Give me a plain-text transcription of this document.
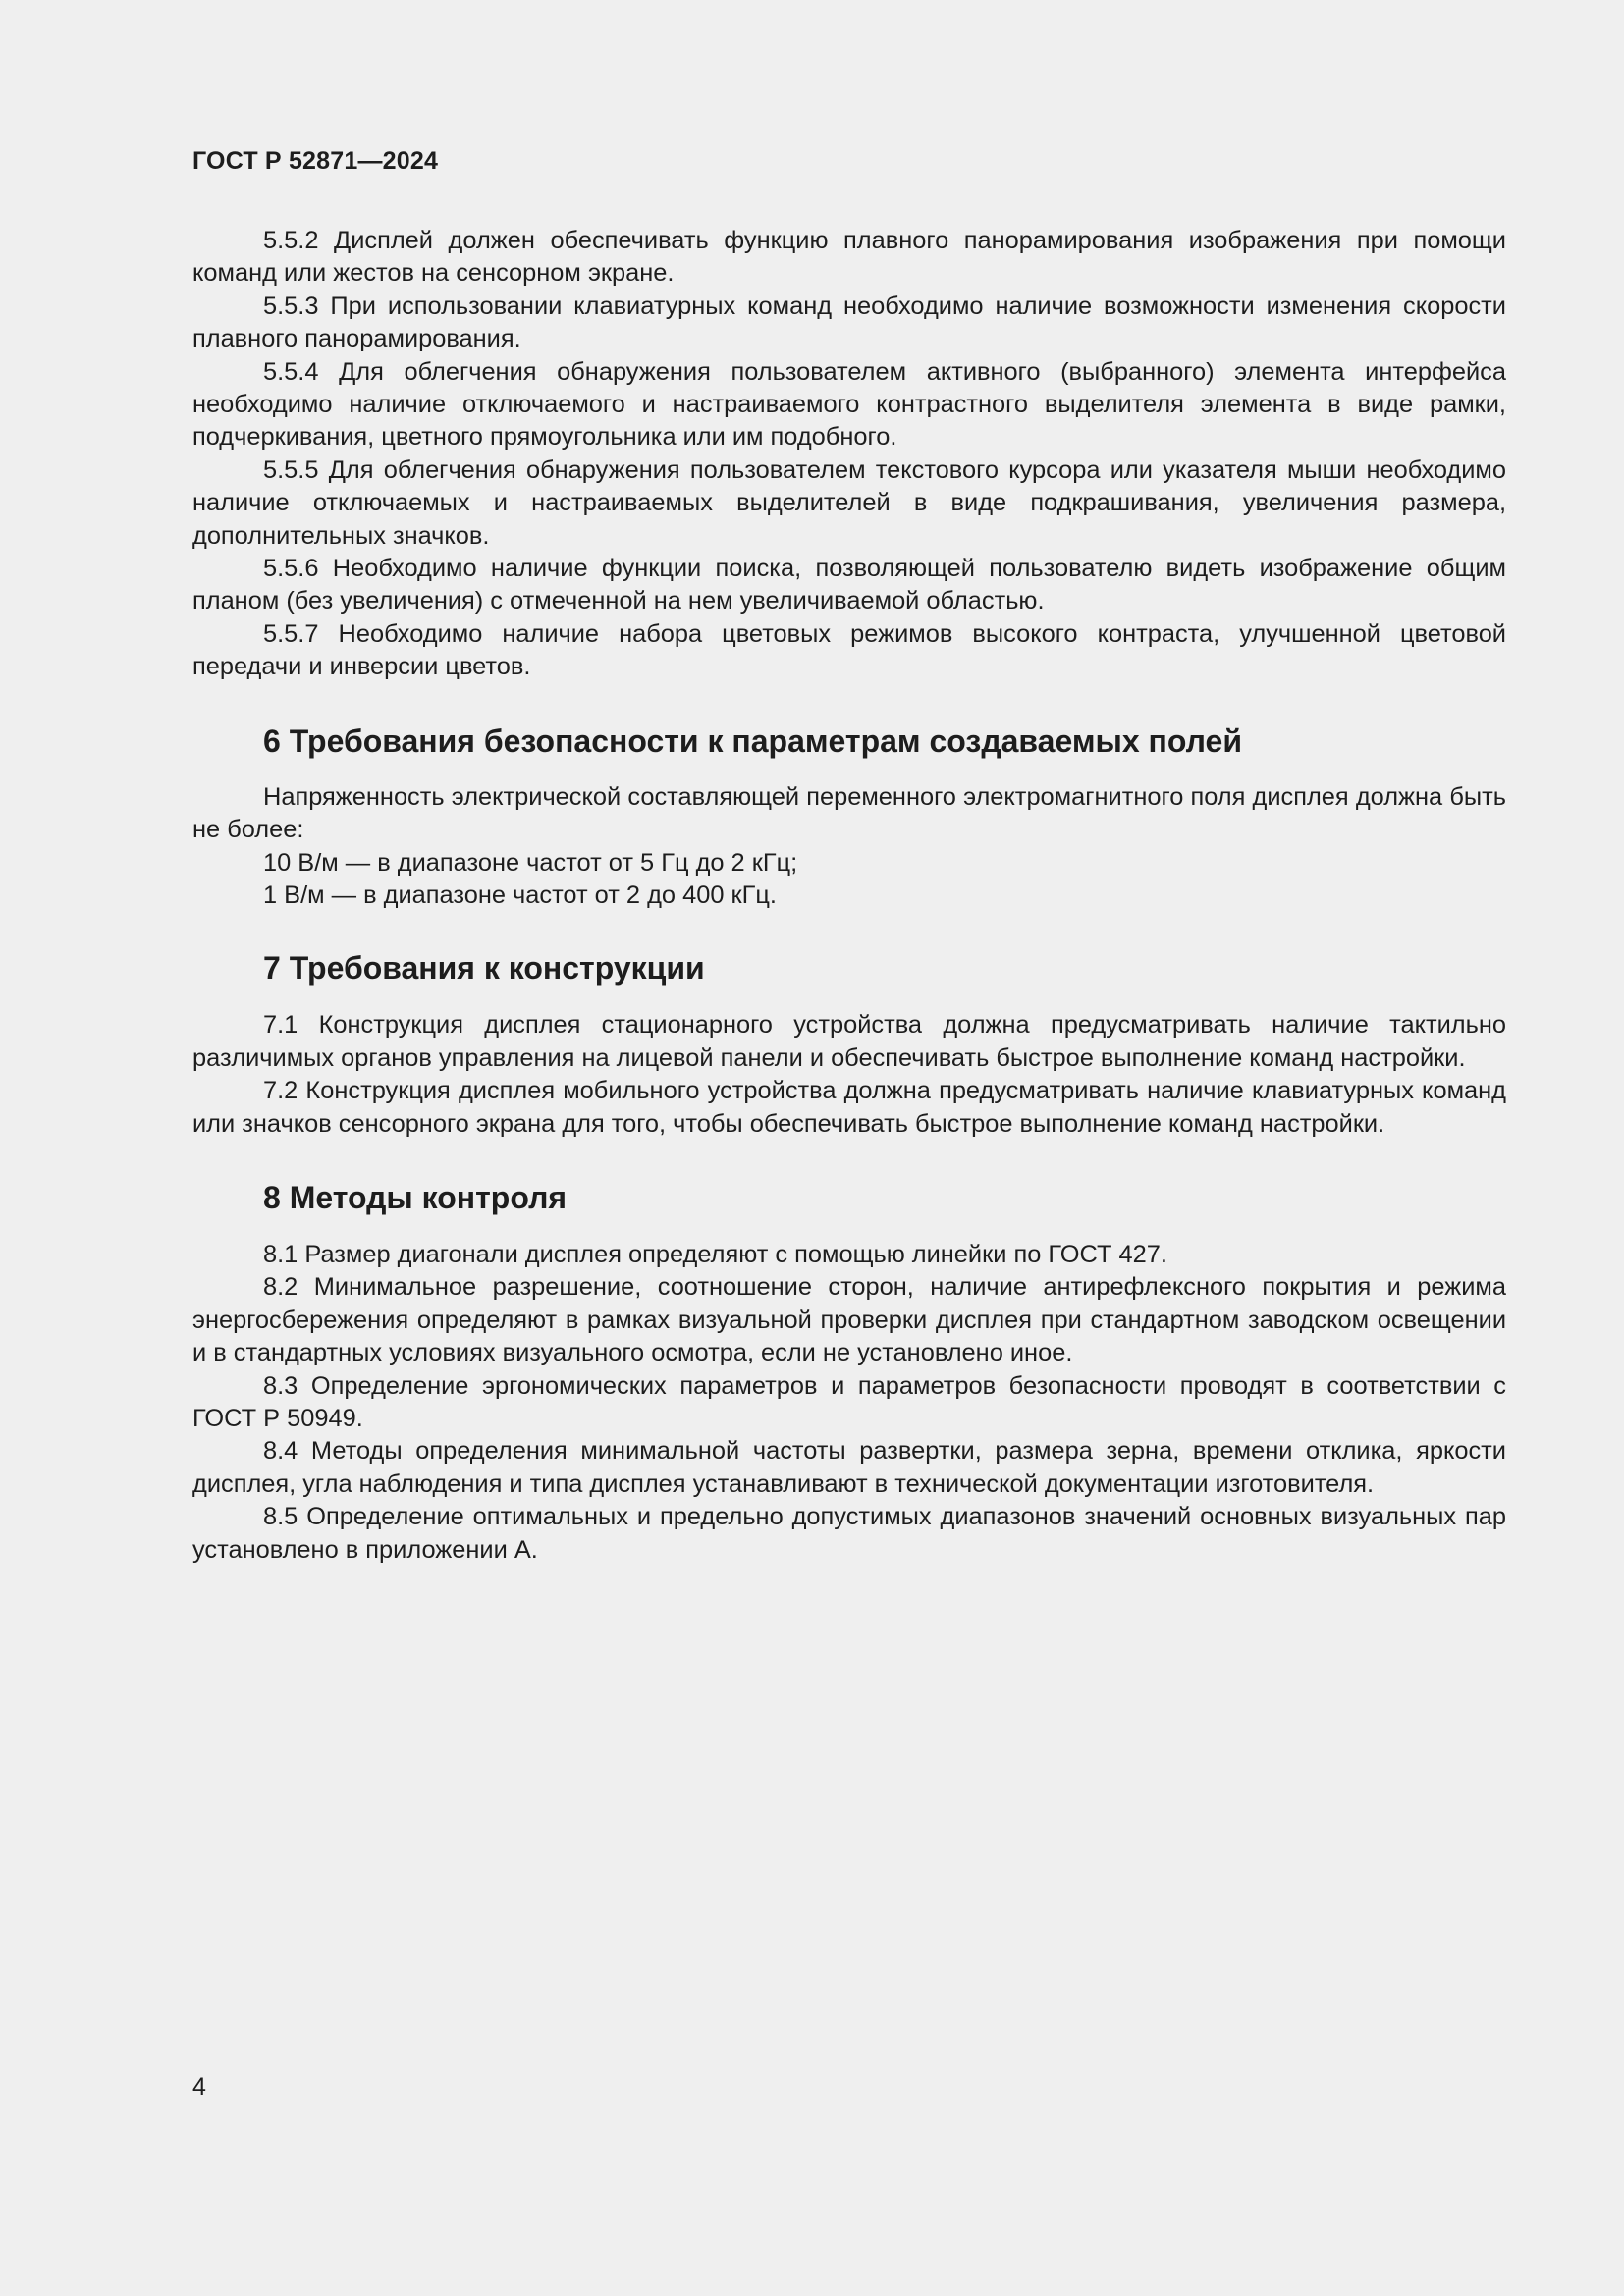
ГОСТ Р 52871—2024

5.5.2 Дисплей должен обеспечивать функцию плавного панорамирования изображения при помощи команд или жестов на сенсорном экране.

5.5.3 При использовании клавиатурных команд необходимо наличие возможности изменения скорости плавного панорамирования.

5.5.4 Для облегчения обнаружения пользователем активного (выбранного) элемента интерфейса необходимо наличие отключаемого и настраиваемого контрастного выделителя элемента в виде рамки, подчеркивания, цветного прямоугольника или им подобного.

5.5.5 Для облегчения обнаружения пользователем текстового курсора или указателя мыши необходимо наличие отключаемых и настраиваемых выделителей в виде подкрашивания, увеличения размера, дополнительных значков.

5.5.6 Необходимо наличие функции поиска, позволяющей пользователю видеть изображение общим планом (без увеличения) с отмеченной на нем увеличиваемой областью.

5.5.7 Необходимо наличие набора цветовых режимов высокого контраста, улучшенной цветовой передачи и инверсии цветов.

6 Требования безопасности к параметрам создаваемых полей

Напряженность электрической составляющей переменного электромагнитного поля дисплея должна быть не более:

10 В/м — в диапазоне частот от 5 Гц до 2 кГц;

1 В/м — в диапазоне частот от 2 до 400 кГц.

7 Требования к конструкции

7.1 Конструкция дисплея стационарного устройства должна предусматривать наличие тактильно различимых органов управления на лицевой панели и обеспечивать быстрое выполнение команд настройки.

7.2 Конструкция дисплея мобильного устройства должна предусматривать наличие клавиатурных команд или значков сенсорного экрана для того, чтобы обеспечивать быстрое выполнение команд настройки.

8 Методы контроля

8.1 Размер диагонали дисплея определяют с помощью линейки по ГОСТ 427.

8.2 Минимальное разрешение, соотношение сторон, наличие антирефлексного покрытия и режима энергосбережения определяют в рамках визуальной проверки дисплея при стандартном заводском освещении и в стандартных условиях визуального осмотра, если не установлено иное.

8.3 Определение эргономических параметров и параметров безопасности проводят в соответствии с ГОСТ Р 50949.

8.4 Методы определения минимальной частоты развертки, размера зерна, времени отклика, яркости дисплея, угла наблюдения и типа дисплея устанавливают в технической документации изготовителя.

8.5 Определение оптимальных и предельно допустимых диапазонов значений основных визуальных пар установлено в приложении А.

4
